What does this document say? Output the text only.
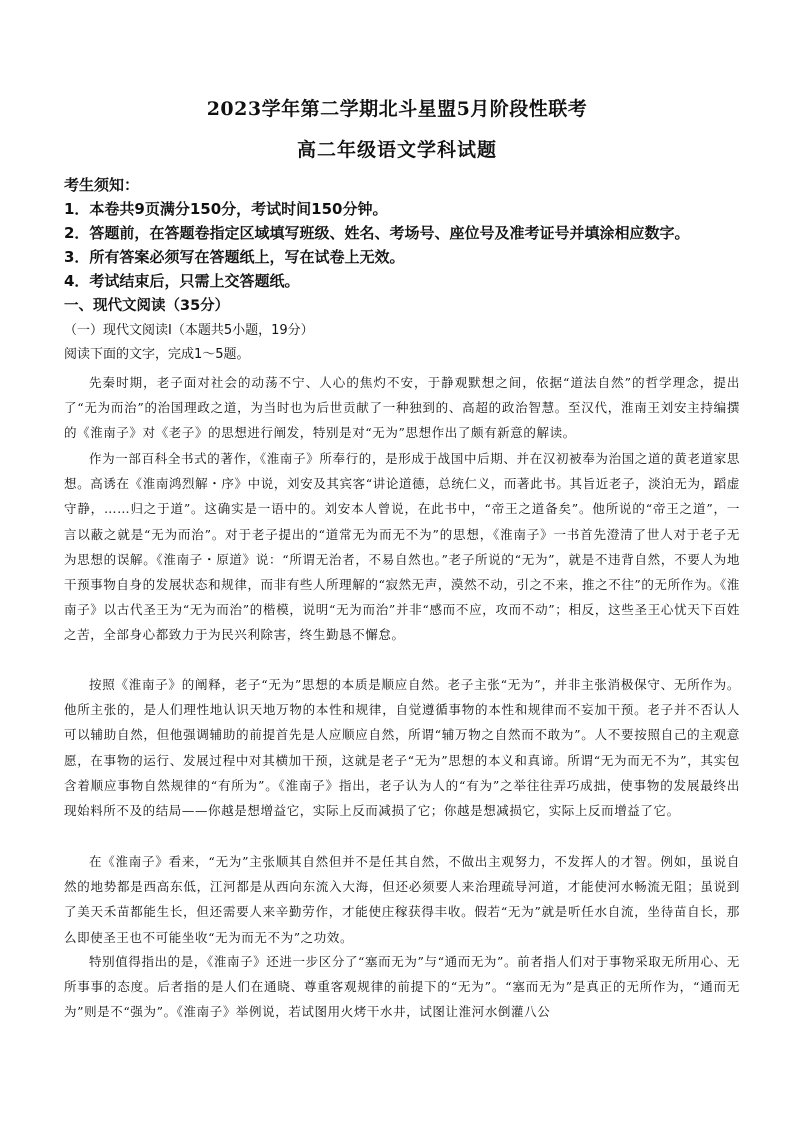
2023学年第二学期北斗星盟5月阶段性联考
高二年级语文学科试题
考生须知：
1．本卷共9页满分150分，考试时间150分钟。
2．答题前，在答题卷指定区域填写班级、姓名、考场号、座位号及准考证号并填涂相应数字。
3．所有答案必须写在答题纸上，写在试卷上无效。
4．考试结束后，只需上交答题纸。
一、现代文阅读（35分）
（一）现代文阅读Ⅰ（本题共5小题，19分）
阅读下面的文字，完成1～5题。
先秦时期，老子面对社会的动荡不宁、人心的焦灼不安，于静观默想之间，依据“道法自然”的哲学理念，提出了“无为而治”的治国理政之道，为当时也为后世贡献了一种独到的、高超的政治智慧。至汉代，淮南王刘安主持编撰的《淮南子》对《老子》的思想进行阐发，特别是对“无为”思想作出了颇有新意的解读。
作为一部百科全书式的著作，《淮南子》所奉行的，是形成于战国中后期、并在汉初被奉为治国之道的黄老道家思想。高诱在《淮南鸿烈解・序》中说，刘安及其宾客“讲论道德，总统仁义，而著此书。其旨近老子，淡泊无为，蹈虚守静，……归之于道”。这确实是一语中的。刘安本人曾说，在此书中，“帝王之道备矣”。他所说的“帝王之道”，一言以蔽之就是“无为而治”。对于老子提出的“道常无为而无不为”的思想，《淮南子》一书首先澄清了世人对于老子无为思想的误解。《淮南子・原道》说：“所谓无治者，不易自然也。”老子所说的“无为”，就是不违背自然，不要人为地干预事物自身的发展状态和规律，而非有些人所理解的“寂然无声，漠然不动，引之不来，推之不往”的无所作为。《淮南子》以古代圣王为“无为而治”的楷模，说明“无为而治”并非“感而不应，攻而不动”；相反，这些圣王心忧天下百姓之苦，全部身心都致力于为民兴利除害，终生勤恳不懈怠。
按照《淮南子》的阐释，老子“无为”思想的本质是顺应自然。老子主张“无为”，并非主张消极保守、无所作为。他所主张的，是人们理性地认识天地万物的本性和规律，自觉遵循事物的本性和规律而不妄加干预。老子并不否认人可以辅助自然，但他强调辅助的前提首先是人应顺应自然，所谓“辅万物之自然而不敢为”。人不要按照自己的主观意愿，在事物的运行、发展过程中对其横加干预，这就是老子“无为”思想的本义和真谛。所谓“无为而无不为”，其实包含着顺应事物自然规律的“有所为”。《淮南子》指出，老子认为人的“有为”之举往往弄巧成拙，使事物的发展最终出现始料所不及的结局——你越是想增益它，实际上反而减损了它；你越是想减损它，实际上反而增益了它。
在《淮南子》看来，“无为”主张顺其自然但并不是任其自然，不做出主观努力，不发挥人的才智。例如，虽说自然的地势都是西高东低，江河都是从西向东流入大海，但还必须要人来治理疏导河道，才能使河水畅流无阻；虽说到了美天禾苗都能生长，但还需要人来辛勤劳作，才能使庄稼获得丰收。假若“无为”就是听任水自流，坐待苗自长，那么即使圣王也不可能坐收“无为而无不为”之功效。
特别值得指出的是，《淮南子》还进一步区分了“塞而无为”与“通而无为”。前者指人们对于事物采取无所用心、无所事事的态度。后者指的是人们在通晓、尊重客观规律的前提下的“无为”。“塞而无为”是真正的无所作为，“通而无为”则是不“强为”。《淮南子》举例说，若试图用火烤干水井，试图让淮河水倒灌八公
